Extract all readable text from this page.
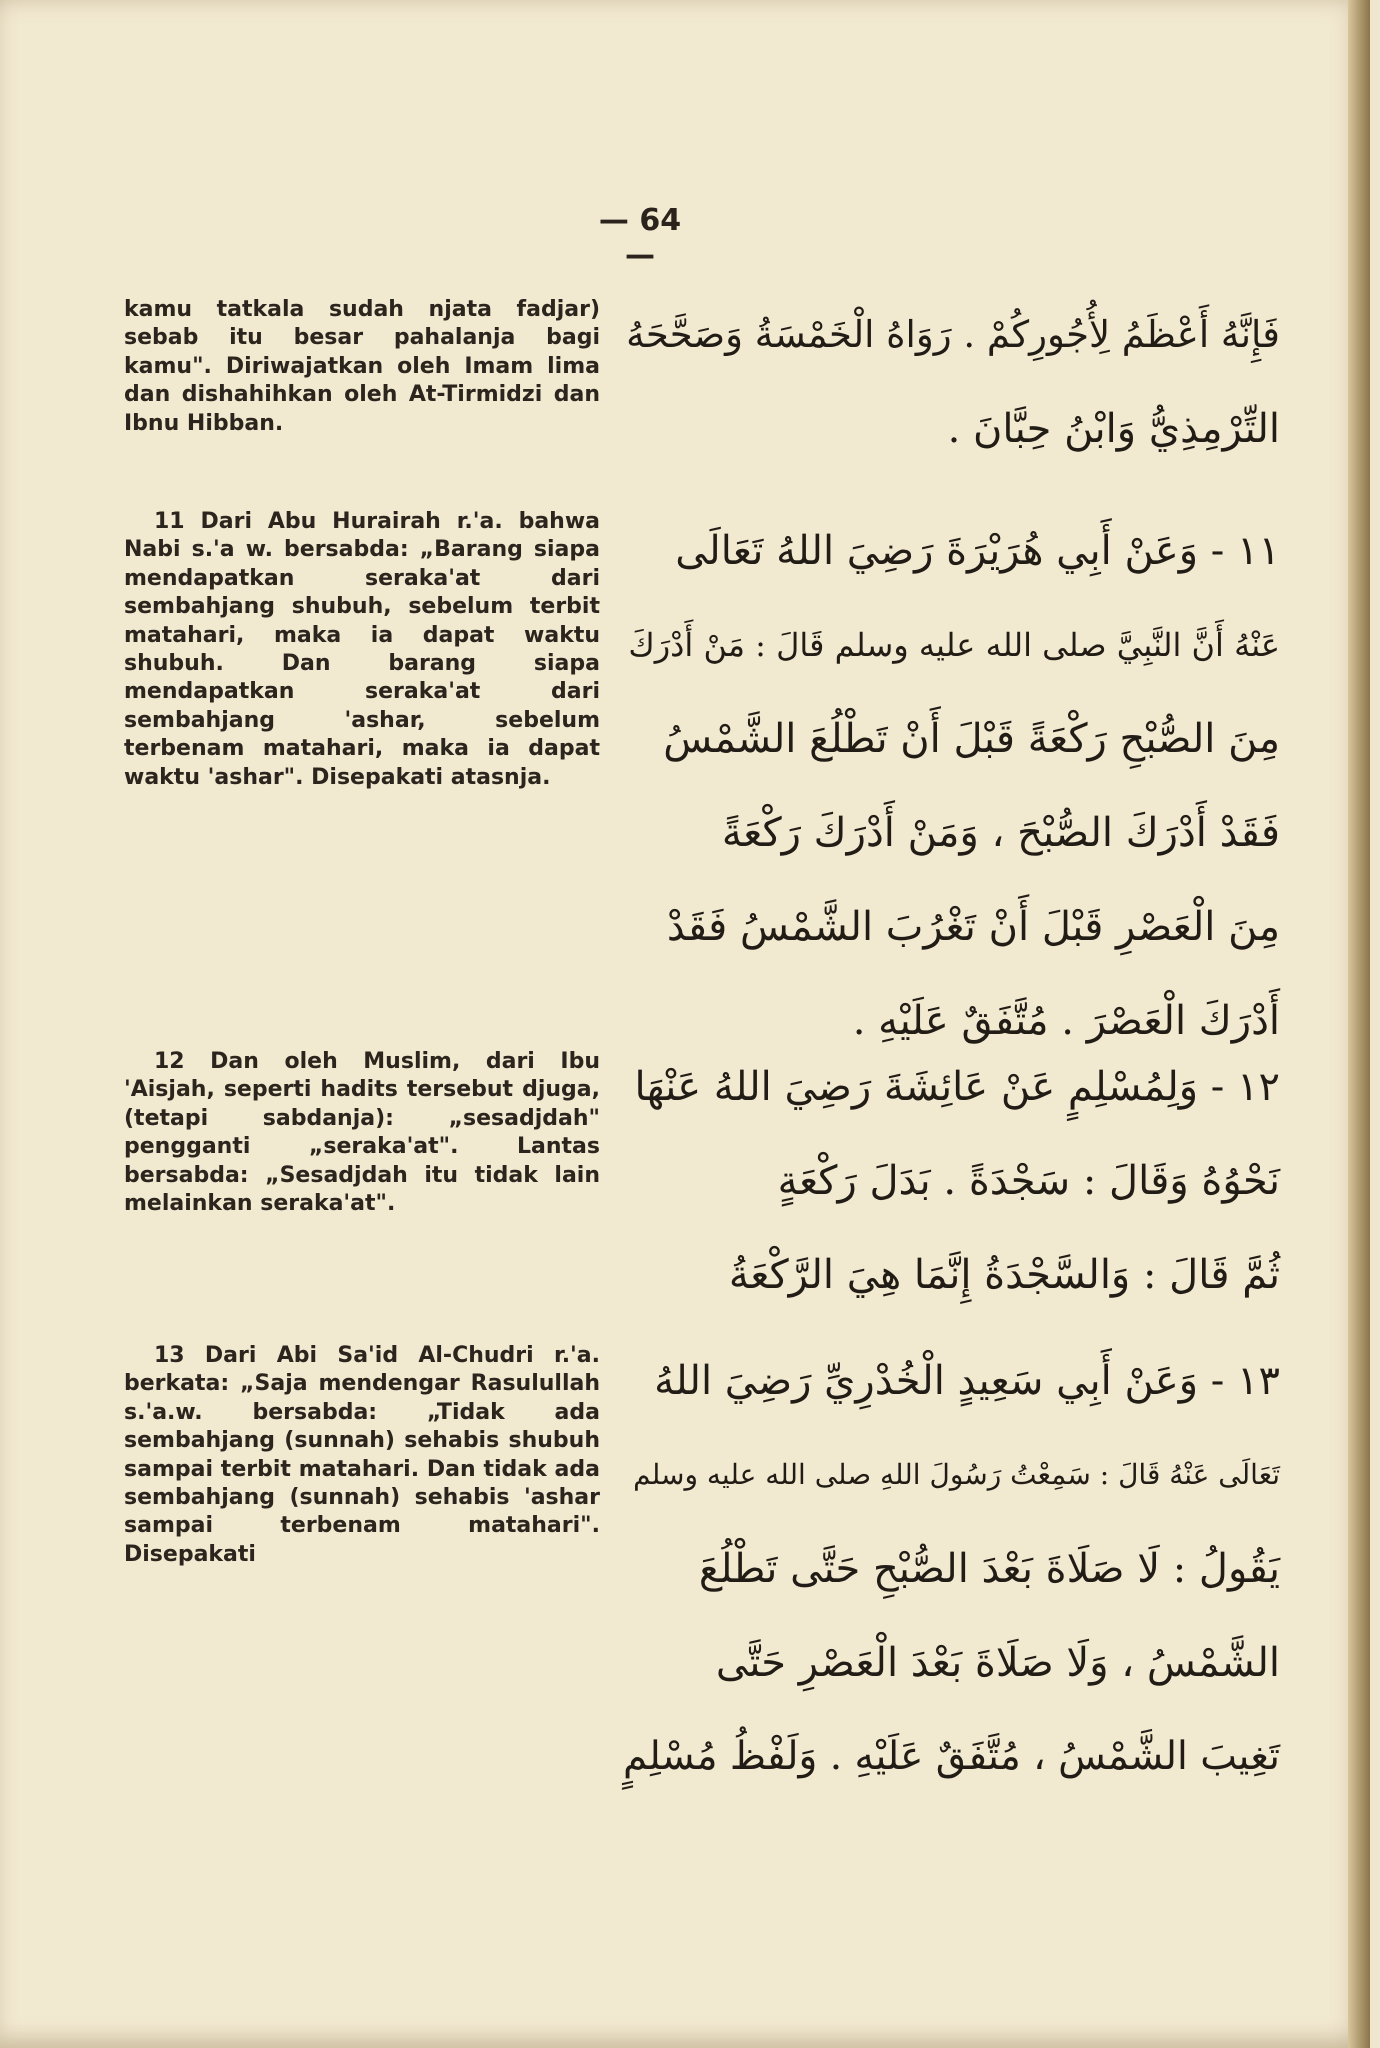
— 64 —

kamu tatkala sudah njata fadjar) sebab itu besar pahalanja bagi kamu". Diriwajatkan oleh Imam lima dan dishahihkan oleh At-Tirmidzi dan Ibnu Hibban.

11 Dari Abu Hurairah r.'a. bahwa Nabi s.'a w. bersabda: „Barang siapa mendapatkan seraka'at dari sembahjang shubuh, sebelum terbit matahari, maka ia dapat waktu shubuh. Dan barang siapa mendapatkan seraka'at dari sembahjang 'ashar, sebelum terbenam matahari, maka ia dapat waktu 'ashar". Disepakati atasnja.

12 Dan oleh Muslim, dari Ibu 'Aisjah, seperti hadits tersebut djuga, (tetapi sabdanja): „sesadjdah" pengganti „seraka'at". Lantas bersabda: „Sesadjdah itu tidak lain melainkan seraka'at".

13 Dari Abi Sa'id Al-Chudri r.'a. berkata: „Saja mendengar Rasulullah s.'a.w. bersabda: „Tidak ada sembahjang (sunnah) sehabis shubuh sampai terbit matahari. Dan tidak ada sembahjang (sunnah) sehabis 'ashar sampai terbenam matahari". Disepakati

فَإِنَّهُ أَعْظَمُ لِأُجُورِكُمْ . رَوَاهُ الْخَمْسَةُ وَصَحَّحَهُ
التِّرْمِذِيُّ وَابْنُ حِبَّانَ .
١١ - وَعَنْ أَبِي هُرَيْرَةَ رَضِيَ اللهُ تَعَالَى
عَنْهُ أَنَّ النَّبِيَّ صلى الله عليه وسلم قَالَ : مَنْ أَدْرَكَ
مِنَ الصُّبْحِ رَكْعَةً قَبْلَ أَنْ تَطْلُعَ الشَّمْسُ
فَقَدْ أَدْرَكَ الصُّبْحَ ، وَمَنْ أَدْرَكَ رَكْعَةً
مِنَ الْعَصْرِ قَبْلَ أَنْ تَغْرُبَ الشَّمْسُ فَقَدْ
أَدْرَكَ الْعَصْرَ . مُتَّفَقٌ عَلَيْهِ .
١٢ - وَلِمُسْلِمٍ عَنْ عَائِشَةَ رَضِيَ اللهُ عَنْهَا
نَحْوُهُ وَقَالَ : سَجْدَةً . بَدَلَ رَكْعَةٍ
ثُمَّ قَالَ : وَالسَّجْدَةُ إِنَّمَا هِيَ الرَّكْعَةُ
١٣ - وَعَنْ أَبِي سَعِيدٍ الْخُدْرِيِّ رَضِيَ اللهُ
تَعَالَى عَنْهُ قَالَ : سَمِعْتُ رَسُولَ اللهِ صلى الله عليه وسلم
يَقُولُ : لَا صَلَاةَ بَعْدَ الصُّبْحِ حَتَّى تَطْلُعَ
الشَّمْسُ ، وَلَا صَلَاةَ بَعْدَ الْعَصْرِ حَتَّى
تَغِيبَ الشَّمْسُ ، مُتَّفَقٌ عَلَيْهِ . وَلَفْظُ مُسْلِمٍ
